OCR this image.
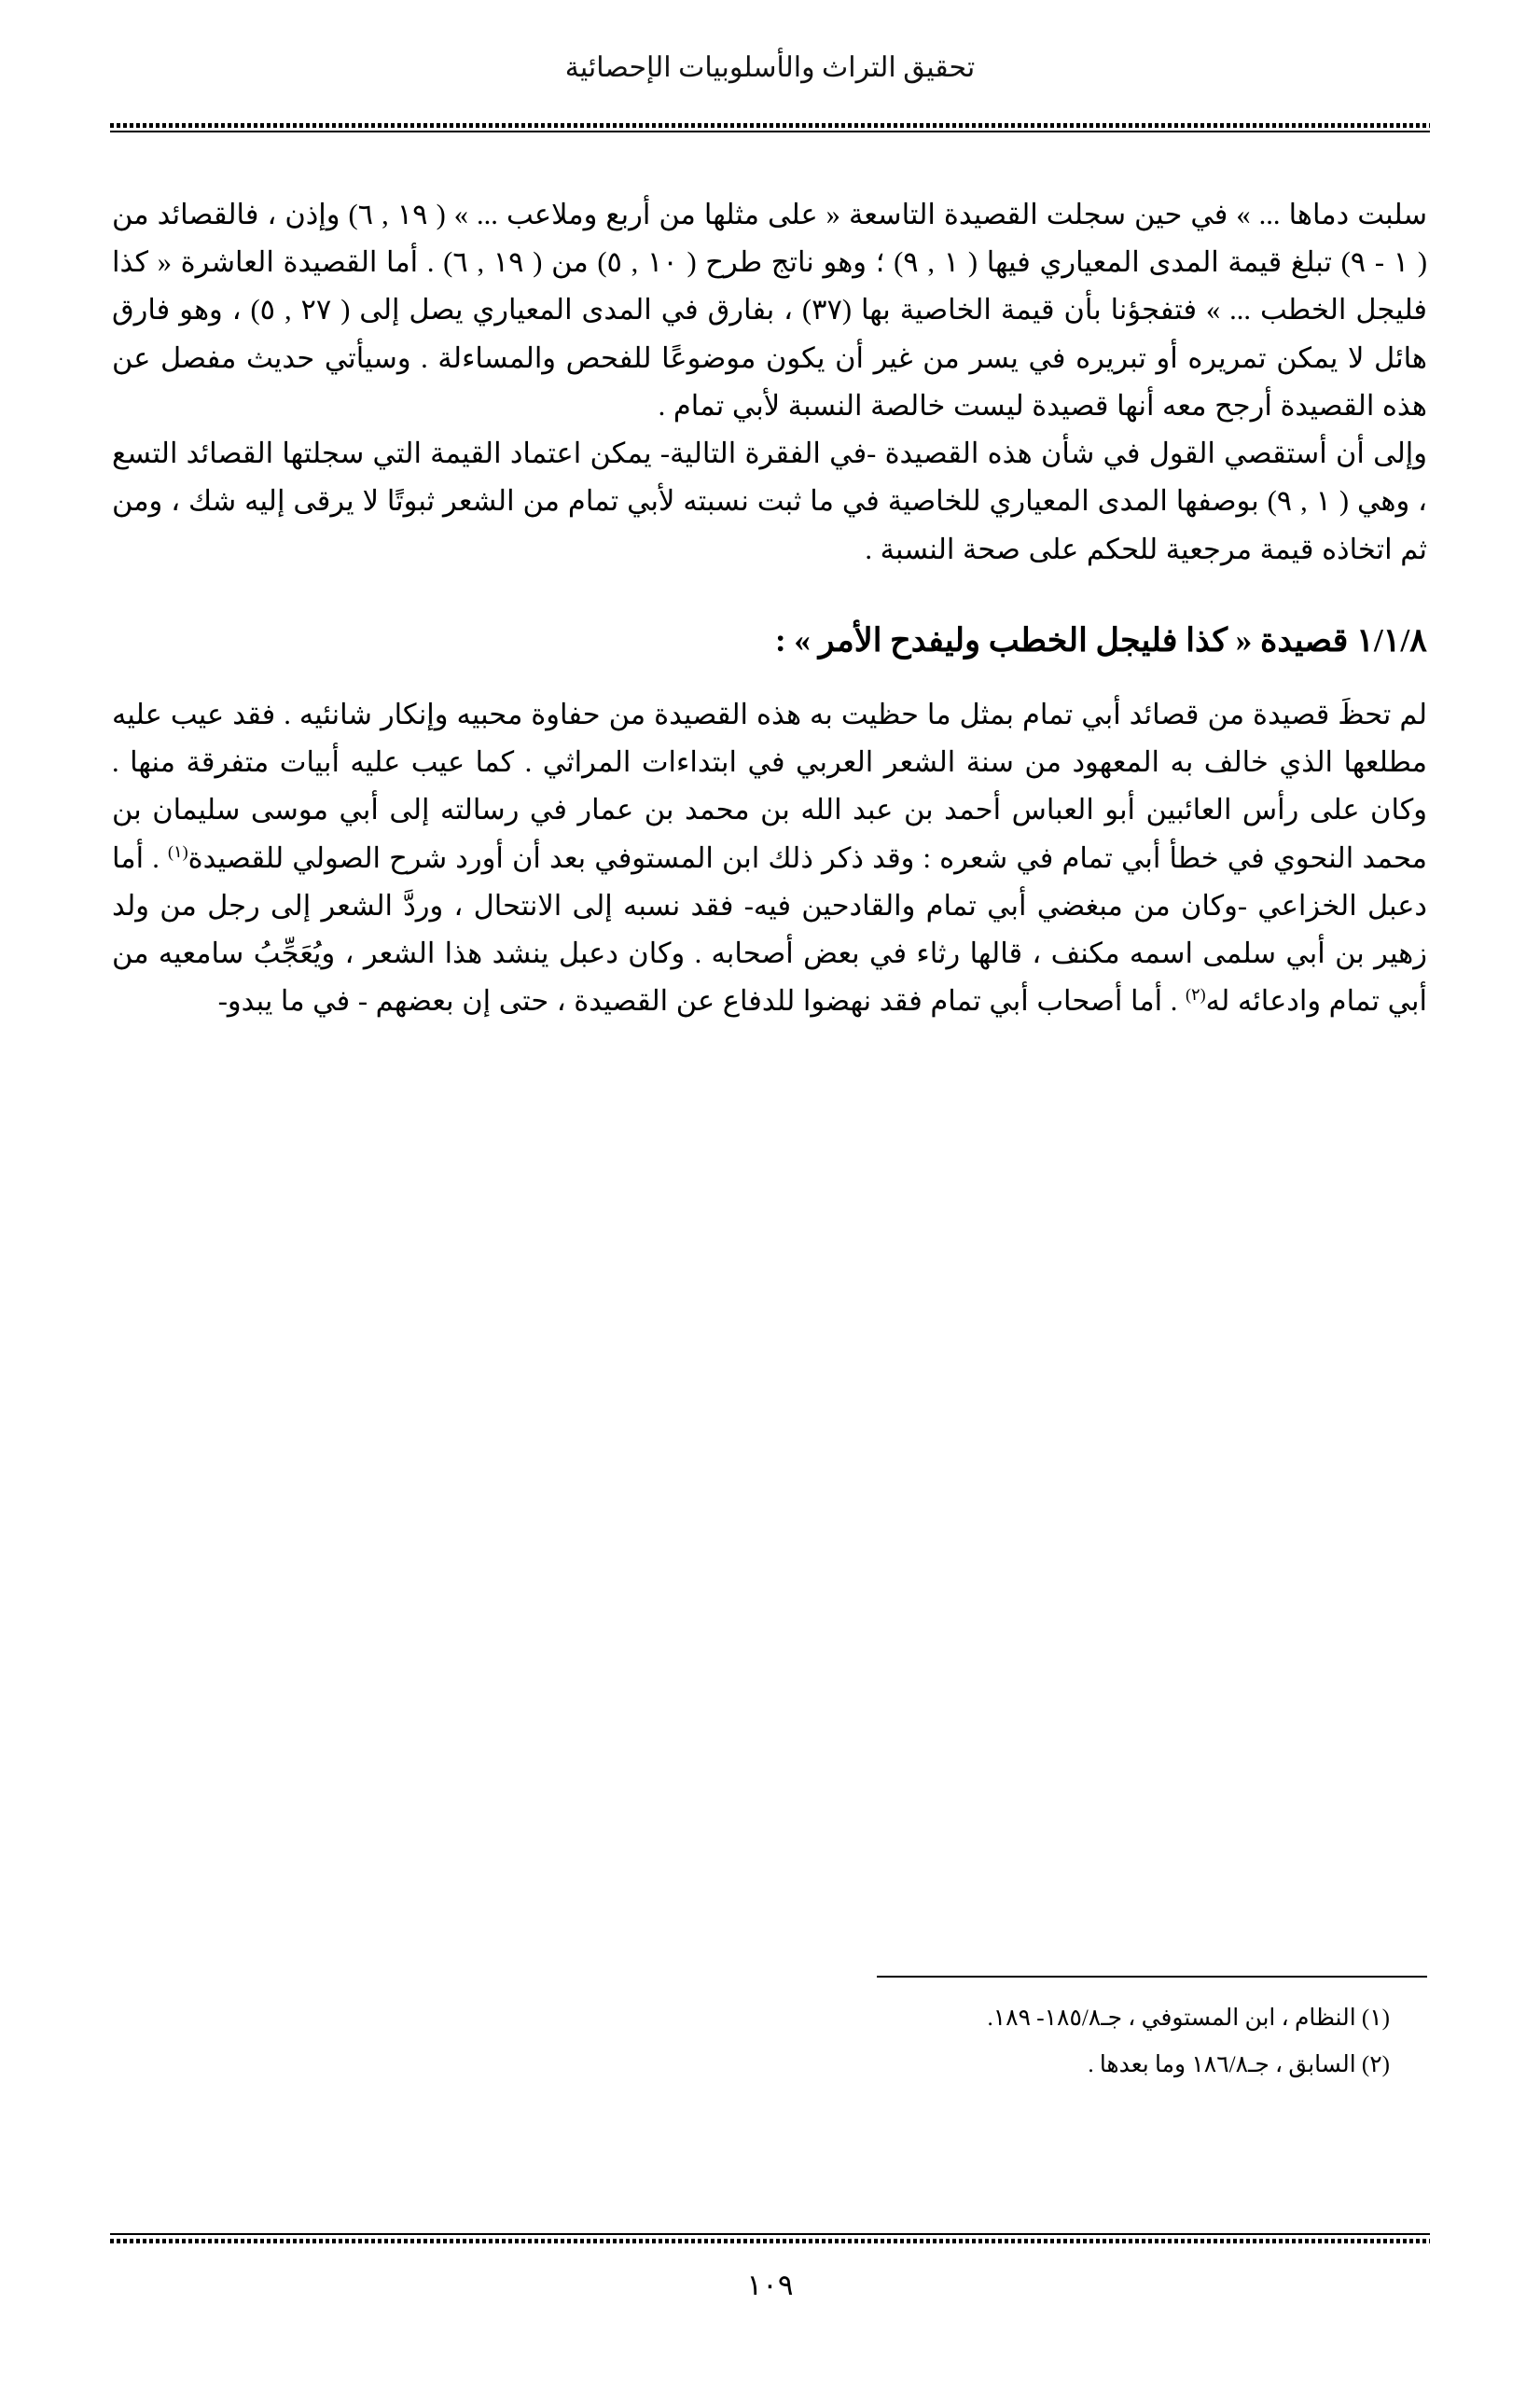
تحقيق التراث والأسلوبيات الإحصائية

سلبت دماها ... » في حين سجلت القصيدة التاسعة « على مثلها من أربع وملاعب ... » ( ١٩ , ٦) وإذن ، فالقصائد من ( ١ - ٩) تبلغ قيمة المدى المعياري فيها ( ١ , ٩) ؛ وهو ناتج طرح ( ١٠ , ٥) من ( ١٩ , ٦) . أما القصيدة العاشرة « كذا فليجل الخطب ... » فتفجؤنا بأن قيمة الخاصية بها (٣٧) ، بفارق في المدى المعياري يصل إلى ( ٢٧ , ٥) ، وهو فارق هائل لا يمكن تمريره أو تبريره في يسر من غير أن يكون موضوعًا للفحص والمساءلة . وسيأتي حديث مفصل عن هذه القصيدة أرجح معه أنها قصيدة ليست خالصة النسبة لأبي تمام .

وإلى أن أستقصي القول في شأن هذه القصيدة -في الفقرة التالية- يمكن اعتماد القيمة التي سجلتها القصائد التسع ، وهي ( ١ , ٩) بوصفها المدى المعياري للخاصية في ما ثبت نسبته لأبي تمام من الشعر ثبوتًا لا يرقى إليه شك ، ومن ثم اتخاذه قيمة مرجعية للحكم على صحة النسبة .

١/١/٨ قصيدة « كذا فليجل الخطب وليفدح الأمر » :

لم تحظَ قصيدة من قصائد أبي تمام بمثل ما حظيت به هذه القصيدة من حفاوة محبيه وإنكار شانئيه . فقد عيب عليه مطلعها الذي خالف به المعهود من سنة الشعر العربي في ابتداءات المراثي . كما عيب عليه أبيات متفرقة منها . وكان على رأس العائبين أبو العباس أحمد بن عبد الله بن محمد بن عمار في رسالته إلى أبي موسى سليمان بن محمد النحوي في خطأ أبي تمام في شعره : وقد ذكر ذلك ابن المستوفي بعد أن أورد شرح الصولي للقصيدة$^{(١)}$ . أما دعبل الخزاعي -وكان من مبغضي أبي تمام والقادحين فيه- فقد نسبه إلى الانتحال ، وردَّ الشعر إلى رجل من ولد زهير بن أبي سلمى اسمه مكنف ، قالها رثاء في بعض أصحابه . وكان دعبل ينشد هذا الشعر ، ويُعَجِّبُ سامعيه من أبي تمام وادعائه له$^{(٢)}$ . أما أصحاب أبي تمام فقد نهضوا للدفاع عن القصيدة ، حتى إن بعضهم - في ما يبدو-

(١) النظام ، ابن المستوفي ، جـ١٨٥/٨- ١٨٩.

(٢) السابق ، جـ١٨٦/٨ وما بعدها .

١٠٩
